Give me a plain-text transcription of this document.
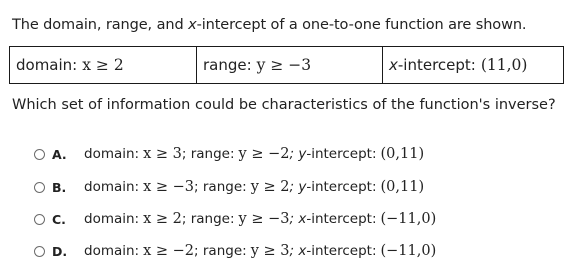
The domain, range, and x-intercept of a one-to-one function are shown.
domain: x ≥ 2	range: y ≥ −3	x -intercept: (11,0)
Which set of information could be characteristics of the function's inverse?
A.	domain: x ≥ 3 ; range: y ≥ −2 ; y -intercept: (0,11)
B.	domain: x ≥ −3 ; range: y ≥ 2 ; y -intercept: (0,11)
C.	domain: x ≥ 2 ; range: y ≥ −3 ; x -intercept: (−11,0)
D.	domain: x ≥ −2 ; range: y ≥ 3 ; x -intercept: (−11,0)
